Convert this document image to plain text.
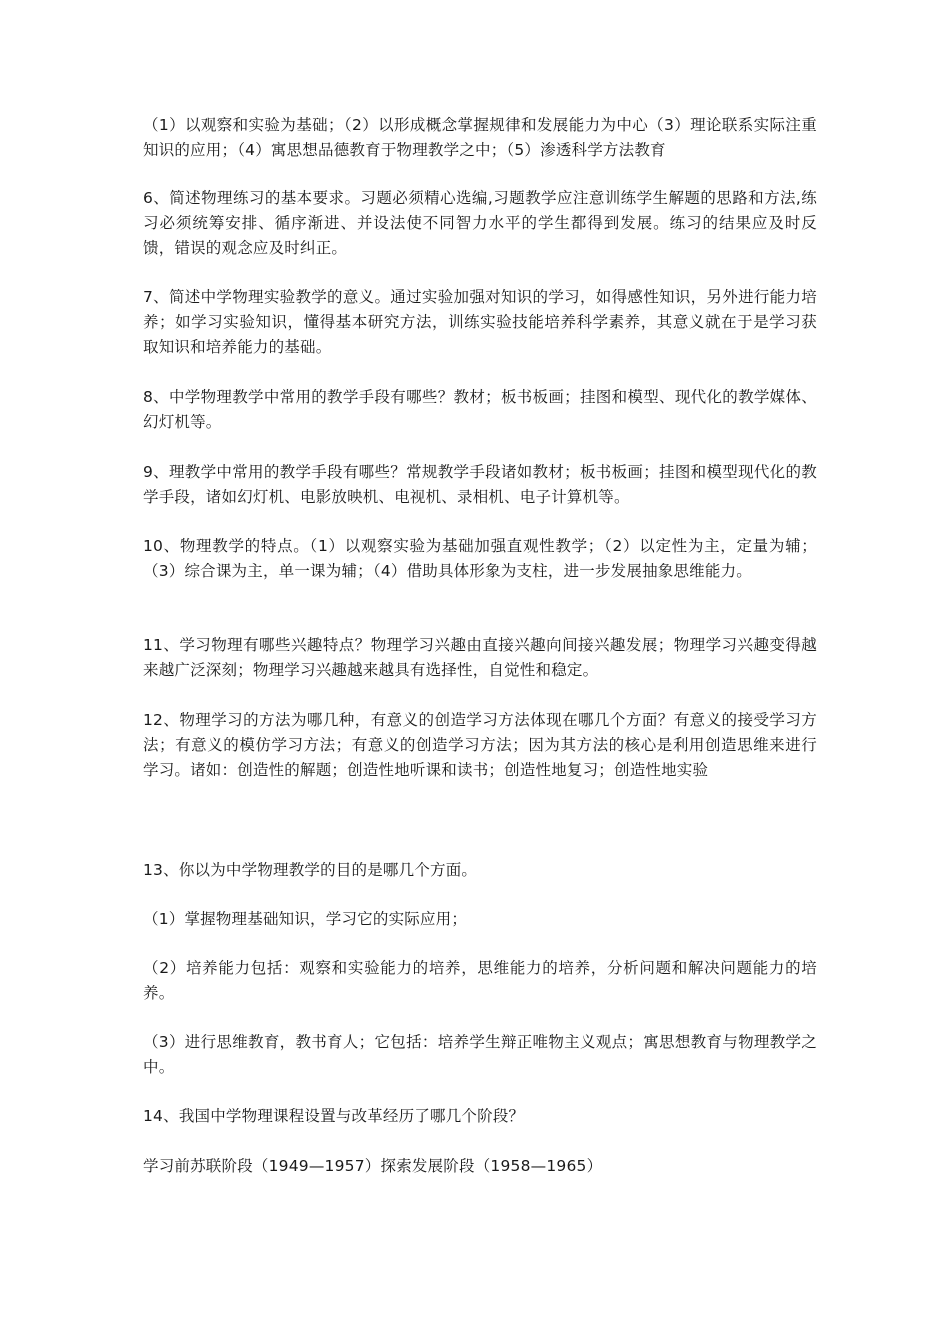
（1）以观察和实验为基础；（2）以形成概念掌握规律和发展能力为中心（3）理论联系实际注重知识的应用；（4）寓思想品德教育于物理教学之中；（5）渗透科学方法教育

6、简述物理练习的基本要求。习题必须精心选编,习题教学应注意训练学生解题的思路和方法,练习必须统筹安排、循序渐进、并设法使不同智力水平的学生都得到发展。练习的结果应及时反馈，错误的观念应及时纠正。

7、简述中学物理实验教学的意义。通过实验加强对知识的学习，如得感性知识，另外进行能力培养；如学习实验知识，懂得基本研究方法，训练实验技能培养科学素养，其意义就在于是学习获取知识和培养能力的基础。

8、中学物理教学中常用的教学手段有哪些？教材；板书板画；挂图和模型、现代化的教学媒体、幻灯机等。

9、理教学中常用的教学手段有哪些？常规教学手段诸如教材；板书板画；挂图和模型现代化的教学手段，诸如幻灯机、电影放映机、电视机、录相机、电子计算机等。

10、物理教学的特点。（1）以观察实验为基础加强直观性教学；（2）以定性为主，定量为辅；（3）综合课为主，单一课为辅；（4）借助具体形象为支柱，进一步发展抽象思维能力。

11、学习物理有哪些兴趣特点？物理学习兴趣由直接兴趣向间接兴趣发展；物理学习兴趣变得越来越广泛深刻；物理学习兴趣越来越具有选择性，自觉性和稳定。

12、物理学习的方法为哪几种，有意义的创造学习方法体现在哪几个方面？有意义的接受学习方法；有意义的模仿学习方法；有意义的创造学习方法；因为其方法的核心是利用创造思维来进行学习。诸如：创造性的解题；创造性地听课和读书；创造性地复习；创造性地实验

13、你以为中学物理教学的目的是哪几个方面。

（1）掌握物理基础知识，学习它的实际应用；

（2）培养能力包括：观察和实验能力的培养，思维能力的培养，分析问题和解决问题能力的培养。

（3）进行思维教育，教书育人；它包括：培养学生辩正唯物主义观点；寓思想教育与物理教学之中。

14、我国中学物理课程设置与改革经历了哪几个阶段？

学习前苏联阶段（1949—1957）探索发展阶段（1958—1965）
